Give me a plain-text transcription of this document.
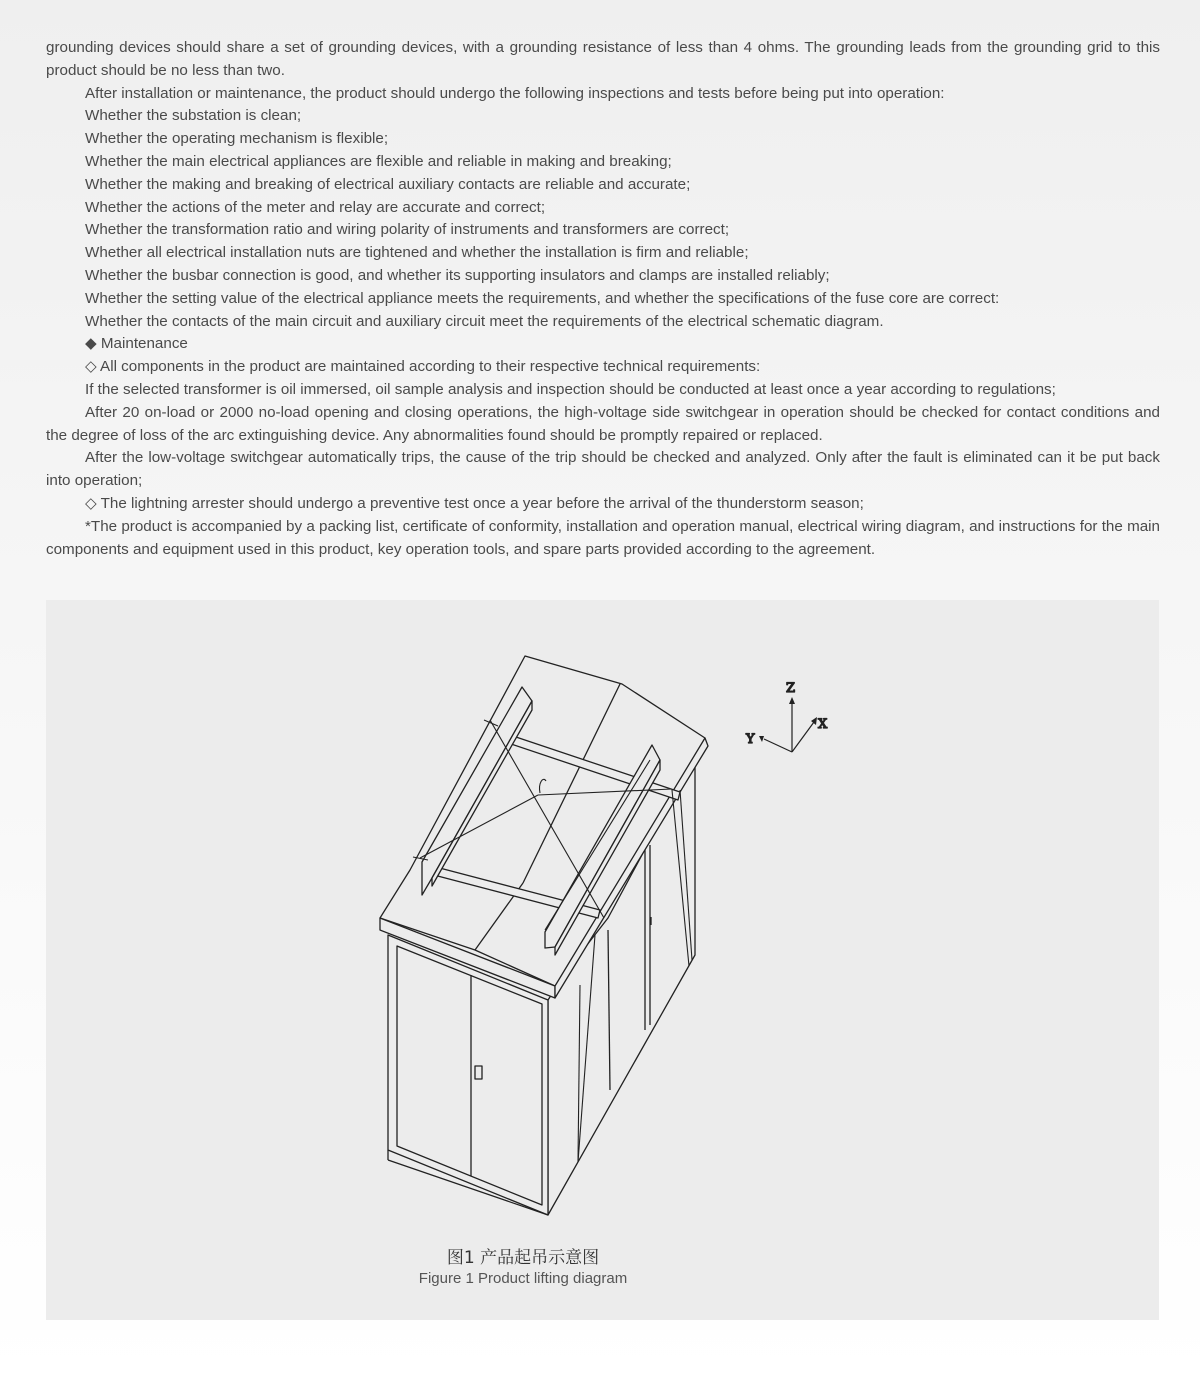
grounding devices should share a set of grounding devices, with a grounding resistance of less than 4 ohms. The grounding leads from the grounding grid to this product should be no less than two.

After installation or maintenance, the product should undergo the following inspections and tests before being put into operation:

Whether the substation is clean;

Whether the operating mechanism is flexible;

Whether the main electrical appliances are flexible and reliable in making and breaking;

Whether the making and breaking of electrical auxiliary contacts are reliable and accurate;

Whether the actions of the meter and relay are accurate and correct;

Whether the transformation ratio and wiring polarity of instruments and transformers are correct;

Whether all electrical installation nuts are tightened and whether the installation is firm and reliable;

Whether the busbar connection is good, and whether its supporting insulators and clamps are installed reliably;

Whether the setting value of the electrical appliance meets the requirements, and whether the specifications of the fuse core are correct:

Whether the contacts of the main circuit and auxiliary circuit meet the requirements of the electrical schematic diagram.

◆ Maintenance

◇ All components in the product are maintained according to their respective technical requirements:

If the selected transformer is oil immersed, oil sample analysis and inspection should be conducted at least once a year according to regulations;

After 20 on-load or 2000 no-load opening and closing operations, the high-voltage side switchgear in operation should be checked for contact conditions and the degree of loss of the arc extinguishing device. Any abnormalities found should be promptly repaired or replaced.

After the low-voltage switchgear automatically trips, the cause of the trip should be checked and analyzed. Only after the fault is eliminated can it be put back into operation;

◇ The lightning arrester should undergo a preventive test once a year before the arrival of the thunderstorm season;

*The product is accompanied by a packing list, certificate of conformity, installation and operation manual, electrical wiring diagram, and instructions for the main components and equipment used in this product, key operation tools, and spare parts provided according to the agreement.

Z
X
Y
图1 产品起吊示意图
Figure 1 Product lifting diagram
